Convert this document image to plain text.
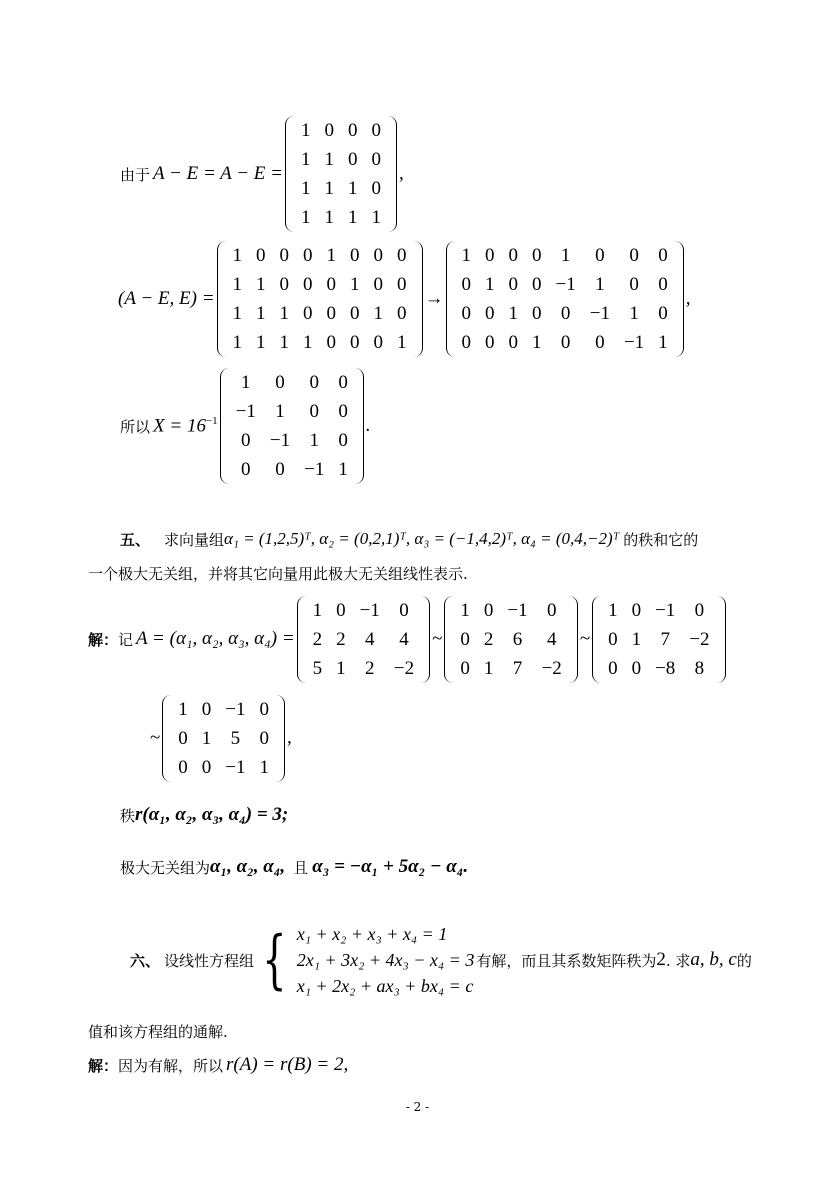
由于 A − E = A − E =
1	0	0	0
1	1	0	0
1	1	1	0
1	1	1	1
,
(A − E, E) =
1	0	0	0	1	0	0	0
1	1	0	0	0	1	0	0
1	1	1	0	0	0	1	0
1	1	1	1	0	0	0	1
→
1	0	0	0	1	0	0	0
0	1	0	0	−1	1	0	0
0	0	1	0	0	−1	1	0
0	0	0	1	0	0	−1	1
,
所以 $X = 16^{-1}$
1	0	0	0
−1	1	0	0
0	−1	1	0
0	0	−1	1
.
五、 求向量组 α₁ = (1,2,5)ᵀ, α₂ = (0,2,1)ᵀ, α₃ = (−1,4,2)ᵀ, α₄ = (0,4,−2)ᵀ 的秩和它的
一个极大无关组，并将其它向量用此极大无关组线性表示.
解： 记 A = (α₁, α₂, α₃, α₄) =
1	0	−1	0
2	2	4	4
5	1	2	−2
~
1	0	−1	0
0	2	6	4
0	1	7	−2
~
1	0	−1	0
0	1	7	−2
0	0	−8	8
~
1	0	−1	0
0	1	5	0
0	0	−1	1
,
秩 r(α₁, α₂, α₃, α₄) = 3;
极大无关组为 α₁, α₂, α₄, 且 α₃ = −α₁ + 5α₂ − α₄.
六、 设线性方程组 { x₁ + x₂ + x₃ + x₄ = 1
2x₁ + 3x₂ + 4x₃ − x₄ = 3
x₁ + 2x₂ + ax₃ + bx₄ = c
有解，而且其系数矩阵秩为 2 . 求 a, b, c 的
值和该方程组的通解.
解： 因为有解，所以 r(A) = r(B) = 2,
- 2 -
